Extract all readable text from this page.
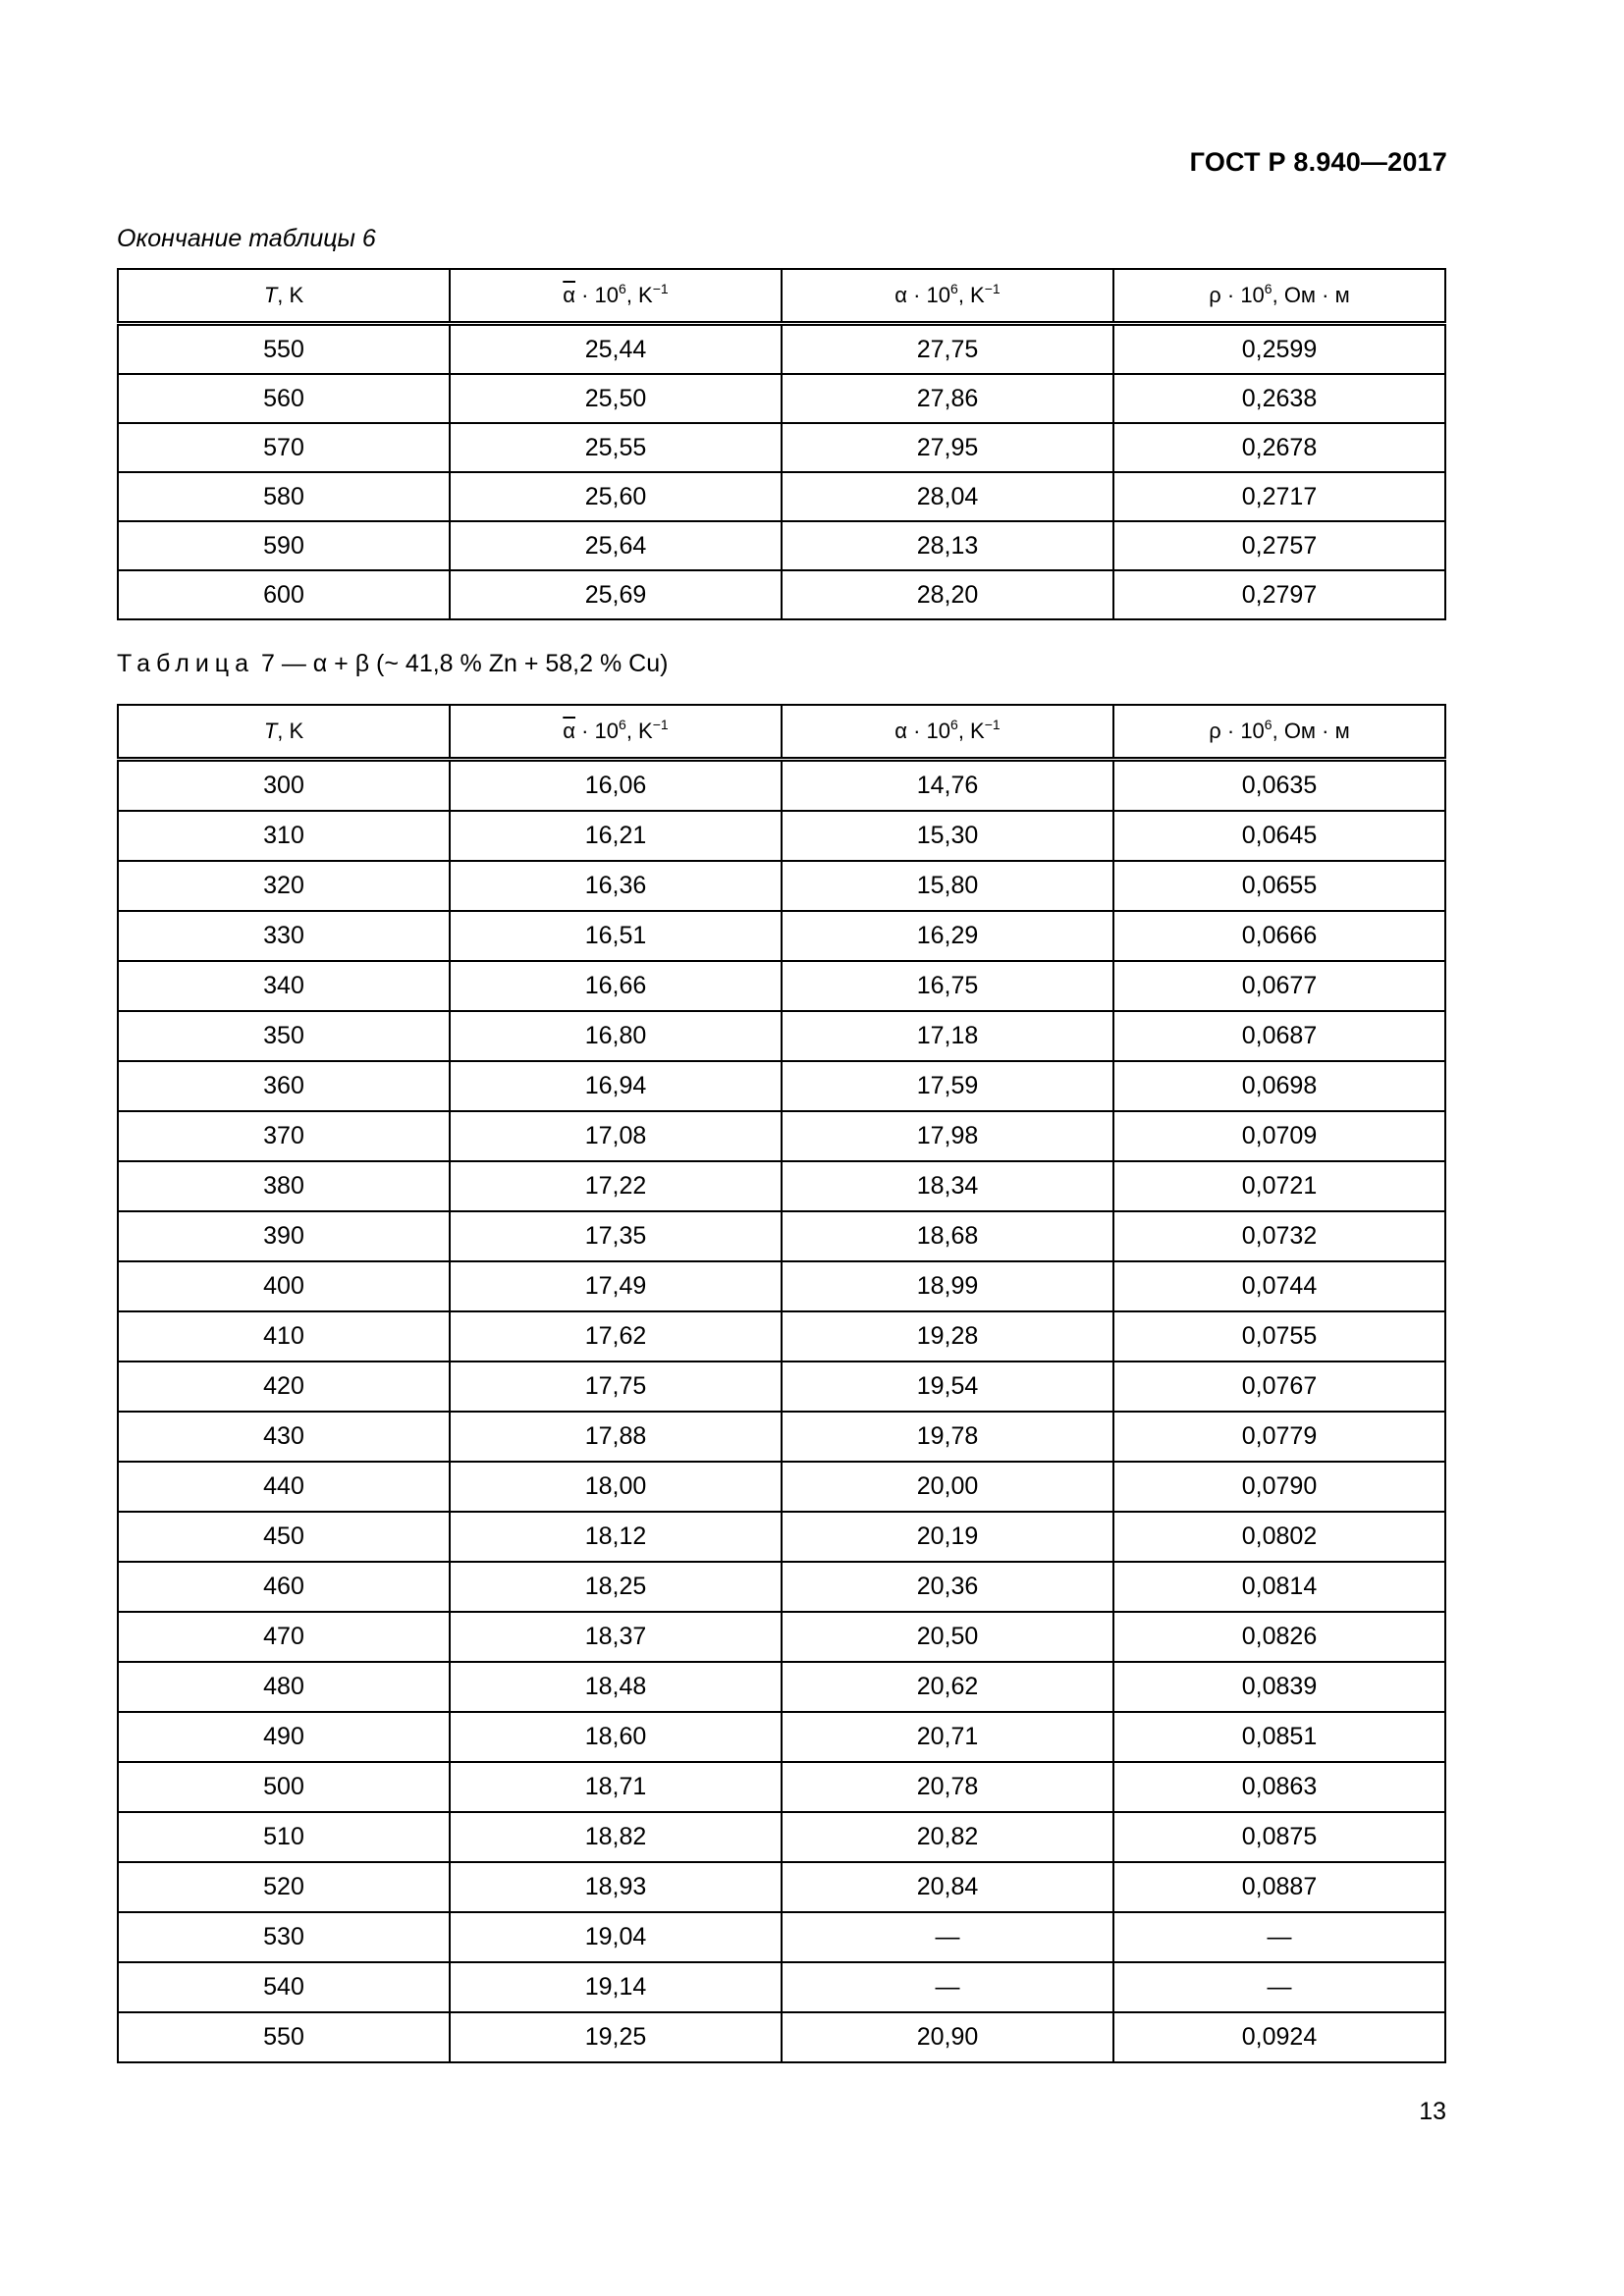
ГОСТ Р 8.940—2017
Окончание таблицы 6
T, K	$\overline{\alpha} \cdot 10^6$, $K^{-1}$	$\alpha \cdot 10^6$, $K^{-1}$	$\rho \cdot 10^6$, Ом · м
550	25,44	27,75	0,2599
560	25,50	27,86	0,2638
570	25,55	27,95	0,2678
580	25,60	28,04	0,2717
590	25,64	28,13	0,2757
600	25,69	28,20	0,2797
Таблица 7 — α + β (~ 41,8 % Zn + 58,2 % Cu)
T, K	$\overline{\alpha} \cdot 10^6$, $K^{-1}$	$\alpha \cdot 10^6$, $K^{-1}$	$\rho \cdot 10^6$, Ом · м
300	16,06	14,76	0,0635
310	16,21	15,30	0,0645
320	16,36	15,80	0,0655
330	16,51	16,29	0,0666
340	16,66	16,75	0,0677
350	16,80	17,18	0,0687
360	16,94	17,59	0,0698
370	17,08	17,98	0,0709
380	17,22	18,34	0,0721
390	17,35	18,68	0,0732
400	17,49	18,99	0,0744
410	17,62	19,28	0,0755
420	17,75	19,54	0,0767
430	17,88	19,78	0,0779
440	18,00	20,00	0,0790
450	18,12	20,19	0,0802
460	18,25	20,36	0,0814
470	18,37	20,50	0,0826
480	18,48	20,62	0,0839
490	18,60	20,71	0,0851
500	18,71	20,78	0,0863
510	18,82	20,82	0,0875
520	18,93	20,84	0,0887
530	19,04	—	—
540	19,14	—	—
550	19,25	20,90	0,0924
13
